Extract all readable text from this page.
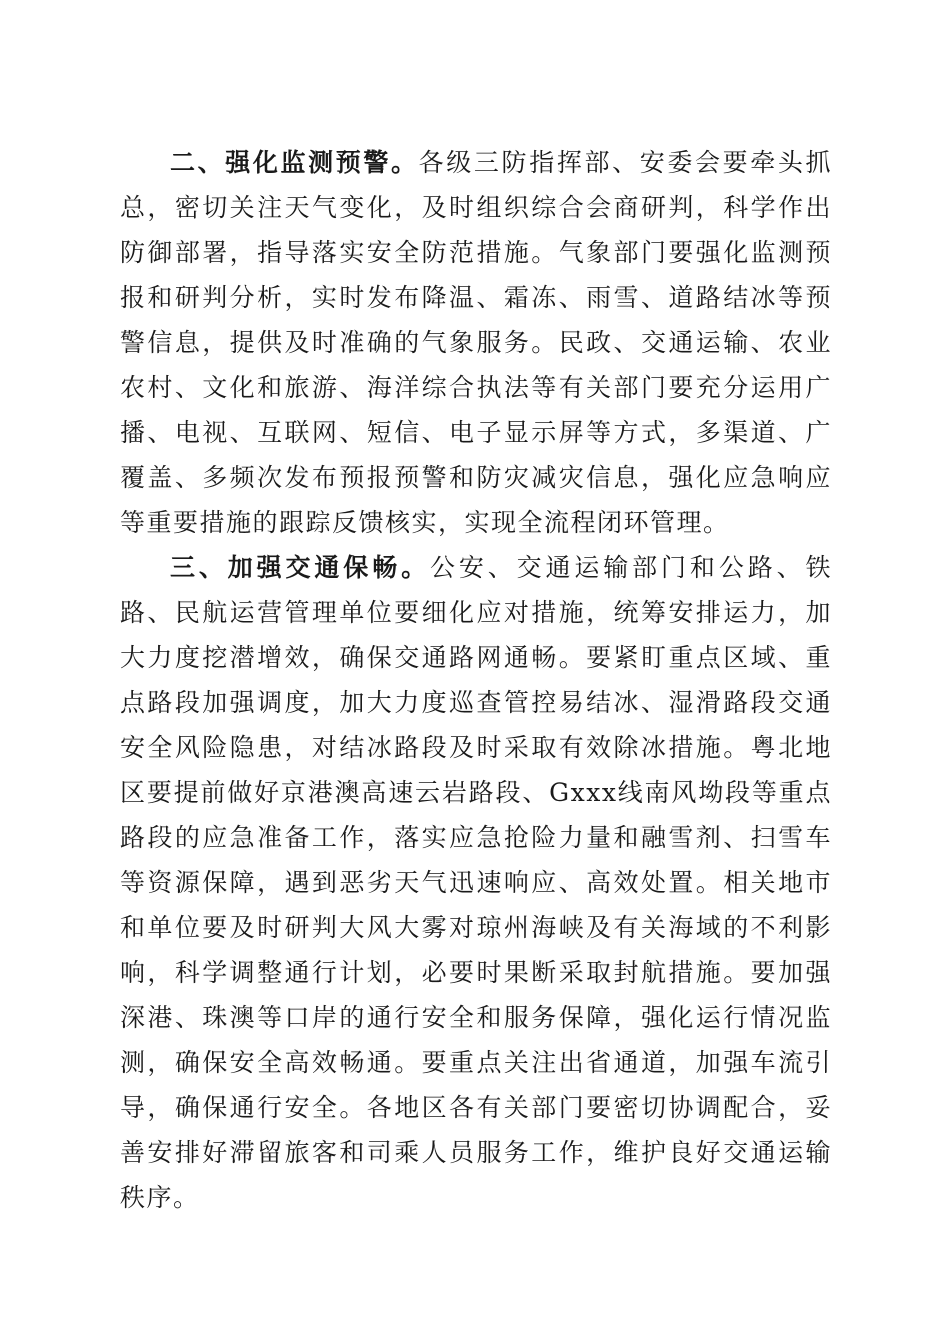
二、强化监测预警。各级三防指挥部、安委会要牵头抓总，密切关注天气变化，及时组织综合会商研判，科学作出防御部署，指导落实安全防范措施。气象部门要强化监测预报和研判分析，实时发布降温、霜冻、雨雪、道路结冰等预警信息，提供及时准确的气象服务。民政、交通运输、农业农村、文化和旅游、海洋综合执法等有关部门要充分运用广播、电视、互联网、短信、电子显示屏等方式，多渠道、广覆盖、多频次发布预报预警和防灾减灾信息，强化应急响应等重要措施的跟踪反馈核实，实现全流程闭环管理。

三、加强交通保畅。公安、交通运输部门和公路、铁路、民航运营管理单位要细化应对措施，统筹安排运力，加大力度挖潜增效，确保交通路网通畅。要紧盯重点区域、重点路段加强调度，加大力度巡查管控易结冰、湿滑路段交通安全风险隐患，对结冰路段及时采取有效除冰措施。粤北地区要提前做好京港澳高速云岩路段、Gxxx线南风坳段等重点路段的应急准备工作，落实应急抢险力量和融雪剂、扫雪车等资源保障，遇到恶劣天气迅速响应、高效处置。相关地市和单位要及时研判大风大雾对琼州海峡及有关海域的不利影响，科学调整通行计划，必要时果断采取封航措施。要加强深港、珠澳等口岸的通行安全和服务保障，强化运行情况监测，确保安全高效畅通。要重点关注出省通道，加强车流引导，确保通行安全。各地区各有关部门要密切协调配合，妥善安排好滞留旅客和司乘人员服务工作，维护良好交通运输秩序。
